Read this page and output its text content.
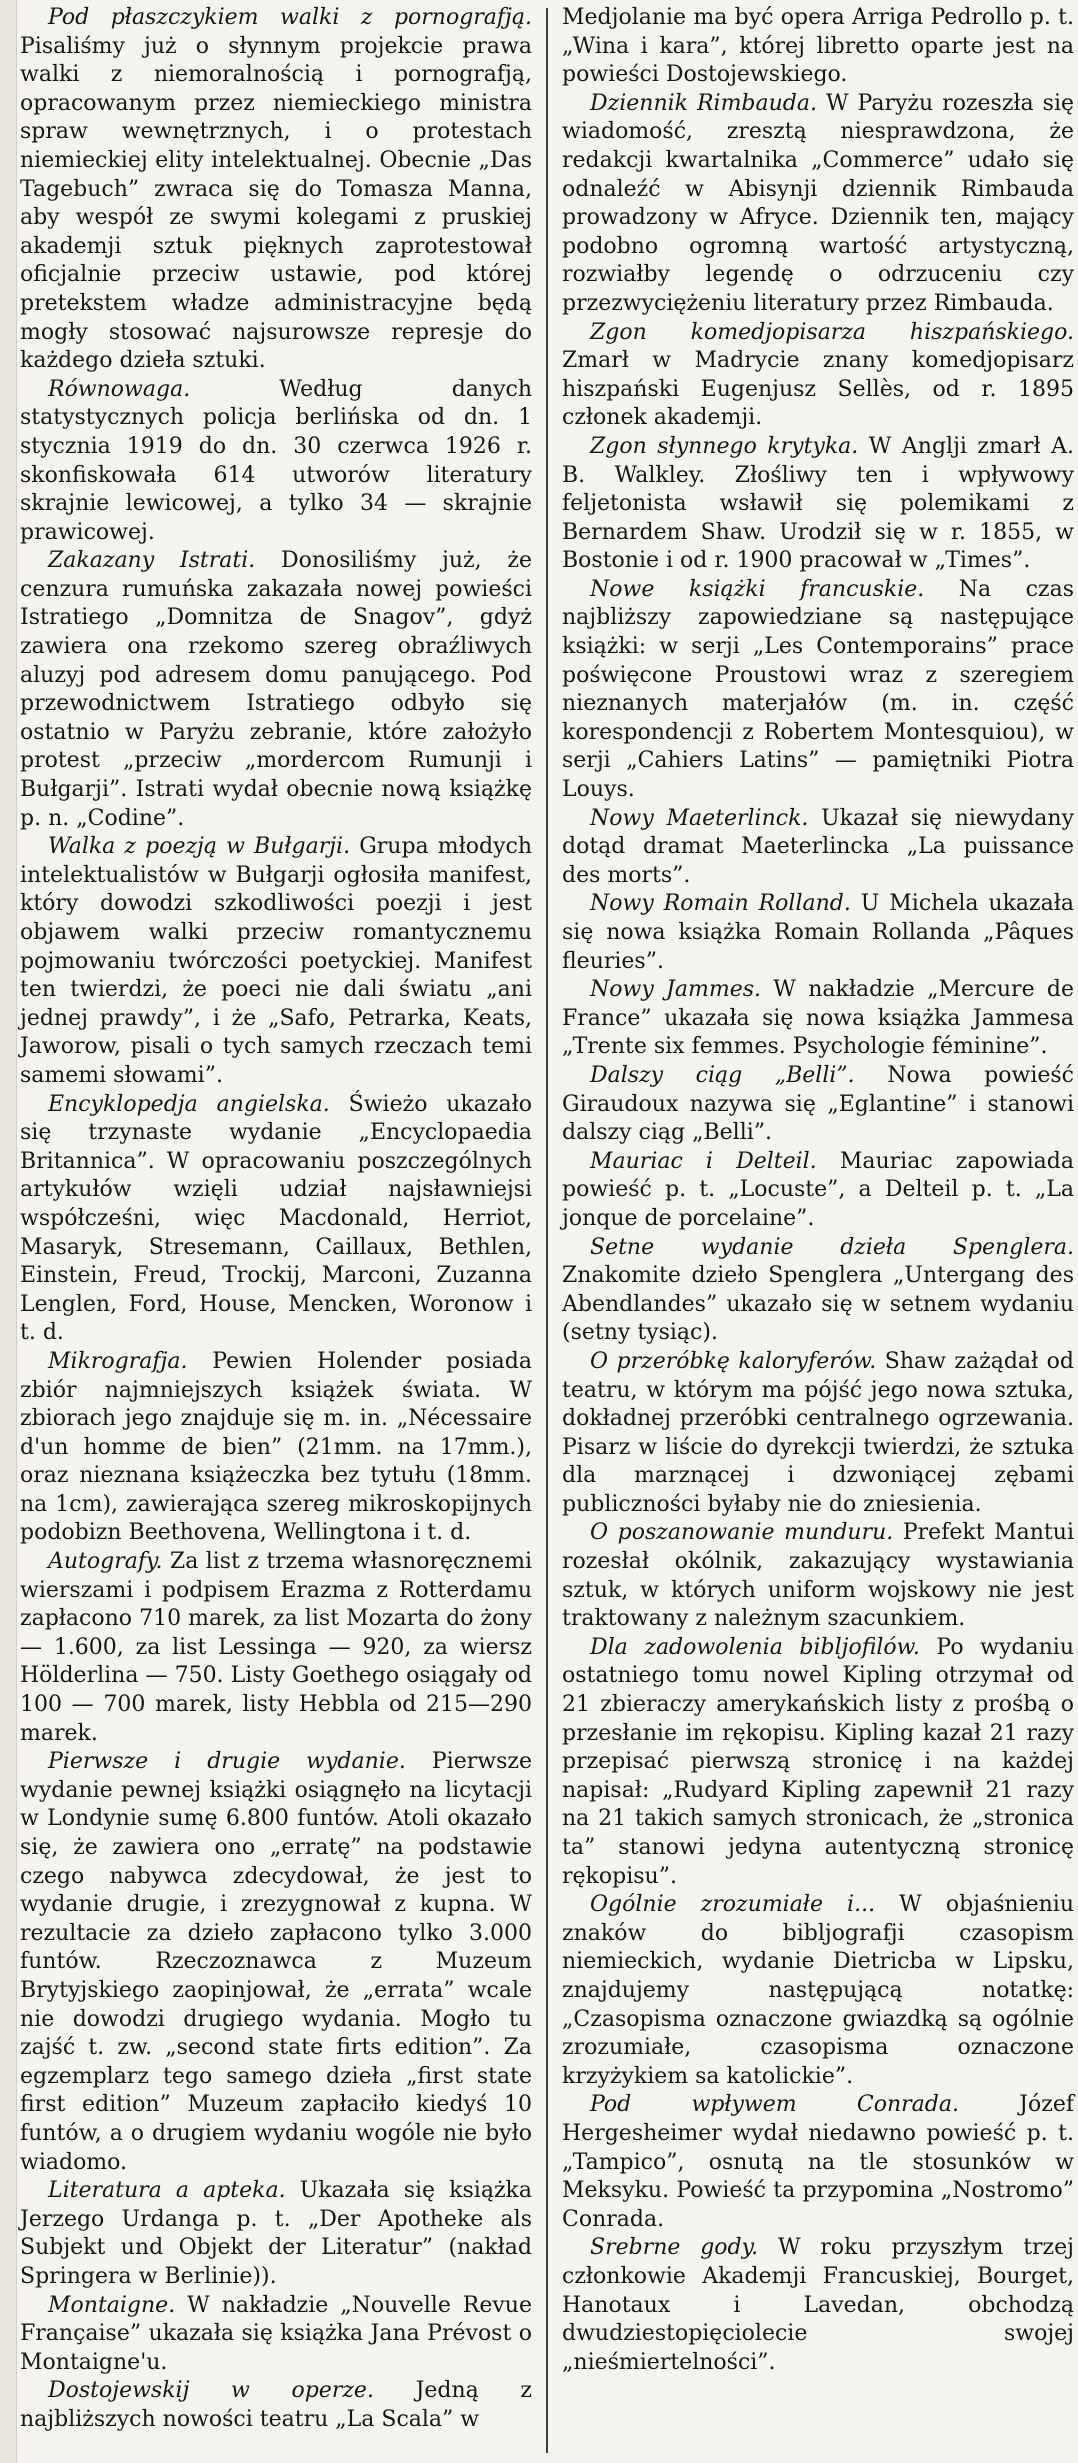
Pod płaszczykiem walki z pornografją. Pisaliśmy już o słynnym projekcie prawa walki z niemoralnością i pornografją, opracowanym przez niemieckiego ministra spraw wewnętrznych, i o protestach niemieckiej elity intelektualnej. Obecnie „Das Tagebuch” zwraca się do Tomasza Manna, aby wespół ze swymi kolegami z pruskiej akademji sztuk pięknych zaprotestował oficjalnie przeciw ustawie, pod której pretekstem władze administracyjne będą mogły stosować najsurowsze represje do każdego dzieła sztuki.

Równowaga. Według danych statystycznych policja berlińska od dn. 1 stycznia 1919 do dn. 30 czerwca 1926 r. skonfiskowała 614 utworów literatury skrajnie lewicowej, a tylko 34 — skrajnie prawicowej.

Zakazany Istrati. Donosiliśmy już, że cenzura rumuńska zakazała nowej powieści Istratiego „Domnitza de Snagov”, gdyż zawiera ona rzekomo szereg obraźliwych aluzyj pod adresem domu panującego. Pod przewodnictwem Istratiego odbyło się ostatnio w Paryżu zebranie, które założyło protest „przeciw „mordercom Rumunji i Bułgarji”. Istrati wydał obecnie nową książkę p. n. „Codine”.

Walka z poezją w Bułgarji. Grupa młodych intelektualistów w Bułgarji ogłosiła manifest, który dowodzi szkodliwości poezji i jest objawem walki przeciw romantycznemu pojmowaniu twórczości poetyckiej. Manifest ten twierdzi, że poeci nie dali światu „ani jednej prawdy”, i że „Safo, Petrarka, Keats, Jaworow, pisali o tych samych rzeczach temi samemi słowami”.

Encyklopedja angielska. Świeżo ukazało się trzynaste wydanie „Encyclopaedia Britannica”. W opracowaniu poszczególnych artykułów wzięli udział najsławniejsi współcześni, więc Macdonald, Herriot, Masaryk, Stresemann, Caillaux, Bethlen, Einstein, Freud, Trockij, Marconi, Zuzanna Lenglen, Ford, House, Mencken, Woronow i t. d.

Mikrografja. Pewien Holender posiada zbiór najmniejszych książek świata. W zbiorach jego znajduje się m. in. „Nécessaire d'un homme de bien” (21mm. na 17mm.), oraz nieznana książeczka bez tytułu (18mm. na 1cm), zawierająca szereg mikroskopijnych podobizn Beethovena, Wellingtona i t. d.

Autografy. Za list z trzema własnoręcznemi wierszami i podpisem Erazma z Rotterdamu zapłacono 710 marek, za list Mozarta do żony — 1.600, za list Lessinga — 920, za wiersz Hölderlina — 750. Listy Goethego osiągały od 100 — 700 marek, listy Hebbla od 215—290 marek.

Pierwsze i drugie wydanie. Pierwsze wydanie pewnej książki osiągnęło na licytacji w Londynie sumę 6.800 funtów. Atoli okazało się, że zawiera ono „erratę” na podstawie czego nabywca zdecydował, że jest to wydanie drugie, i zrezygnował z kupna. W rezultacie za dzieło zapłacono tylko 3.000 funtów. Rzeczoznawca z Muzeum Brytyjskiego zaopinjował, że „errata” wcale nie dowodzi drugiego wydania. Mogło tu zajść t. zw. „second state firts edition”. Za egzemplarz tego samego dzieła „first state first edition” Muzeum zapłaciło kiedyś 10 funtów, a o drugiem wydaniu wogóle nie było wiadomo.

Literatura a apteka. Ukazała się książka Jerzego Urdanga p. t. „Der Apotheke als Subjekt und Objekt der Literatur” (nakład Springera w Berlinie)).

Montaigne. W nakładzie „Nouvelle Revue Française” ukazała się książka Jana Prévost o Montaigne'u.

Dostojewskij w operze. Jedną z najbliższych nowości teatru „La Scala” w

Medjolanie ma być opera Arriga Pedrollo p. t. „Wina i kara”, której libretto oparte jest na powieści Dostojewskiego.

Dziennik Rimbauda. W Paryżu rozeszła się wiadomość, zresztą niesprawdzona, że redakcji kwartalnika „Commerce” udało się odnaleźć w Abisynji dziennik Rimbauda prowadzony w Afryce. Dziennik ten, mający podobno ogromną wartość artystyczną, rozwiałby legendę o odrzuceniu czy przezwyciężeniu literatury przez Rimbauda.

Zgon komedjopisarza hiszpańskiego. Zmarł w Madrycie znany komedjopisarz hiszpański Eugenjusz Sellès, od r. 1895 członek akademji.

Zgon słynnego krytyka. W Anglji zmarł A. B. Walkley. Złośliwy ten i wpływowy feljetonista wsławił się polemikami z Bernardem Shaw. Urodził się w r. 1855, w Bostonie i od r. 1900 pracował w „Times”.

Nowe książki francuskie. Na czas najbliższy zapowiedziane są następujące książki: w serji „Les Contemporains” prace poświęcone Proustowi wraz z szeregiem nieznanych materjałów (m. in. część korespondencji z Robertem Montesquiou), w serji „Cahiers Latins” — pamiętniki Piotra Louys.

Nowy Maeterlinck. Ukazał się niewydany dotąd dramat Maeterlincka „La puissance des morts”.

Nowy Romain Rolland. U Michela ukazała się nowa książka Romain Rollanda „Pâques fleuries”.

Nowy Jammes. W nakładzie „Mercure de France” ukazała się nowa książka Jammesa „Trente six femmes. Psychologie féminine”.

Dalszy ciąg „Belli”. Nowa powieść Giraudoux nazywa się „Eglantine” i stanowi dalszy ciąg „Belli”.

Mauriac i Delteil. Mauriac zapowiada powieść p. t. „Locuste”, a Delteil p. t. „La jonque de porcelaine”.

Setne wydanie dzieła Spenglera. Znakomite dzieło Spenglera „Untergang des Abendlandes” ukazało się w setnem wydaniu (setny tysiąc).

O przeróbkę kaloryferów. Shaw zażądał od teatru, w którym ma pójść jego nowa sztuka, dokładnej przeróbki centralnego ogrzewania. Pisarz w liście do dyrekcji twierdzi, że sztuka dla marznącej i dzwoniącej zębami publiczności byłaby nie do zniesienia.

O poszanowanie munduru. Prefekt Mantui rozesłał okólnik, zakazujący wystawiania sztuk, w których uniform wojskowy nie jest traktowany z należnym szacunkiem.

Dla zadowolenia bibljofilów. Po wydaniu ostatniego tomu nowel Kipling otrzymał od 21 zbieraczy amerykańskich listy z prośbą o przesłanie im rękopisu. Kipling kazał 21 razy przepisać pierwszą stronicę i na każdej napisał: „Rudyard Kipling zapewnił 21 razy na 21 takich samych stronicach, że „stronica ta” stanowi jedyna autentyczną stronicę rękopisu”.

Ogólnie zrozumiałe i... W objaśnieniu znaków do bibljografji czasopism niemieckich, wydanie Dietricba w Lipsku, znajdujemy następującą notatkę: „Czasopisma oznaczone gwiazdką są ogólnie zrozumiałe, czasopisma oznaczone krzyżykiem sa katolickie”.

Pod wpływem Conrada. Józef Hergesheimer wydał niedawno powieść p. t. „Tampico”, osnutą na tle stosunków w Meksyku. Powieść ta przypomina „Nostromo” Conrada.

Srebrne gody. W roku przyszłym trzej członkowie Akademji Francuskiej, Bourget, Hanotaux i Lavedan, obchodzą dwudziestopięciolecie swojej „nieśmiertelności”.
